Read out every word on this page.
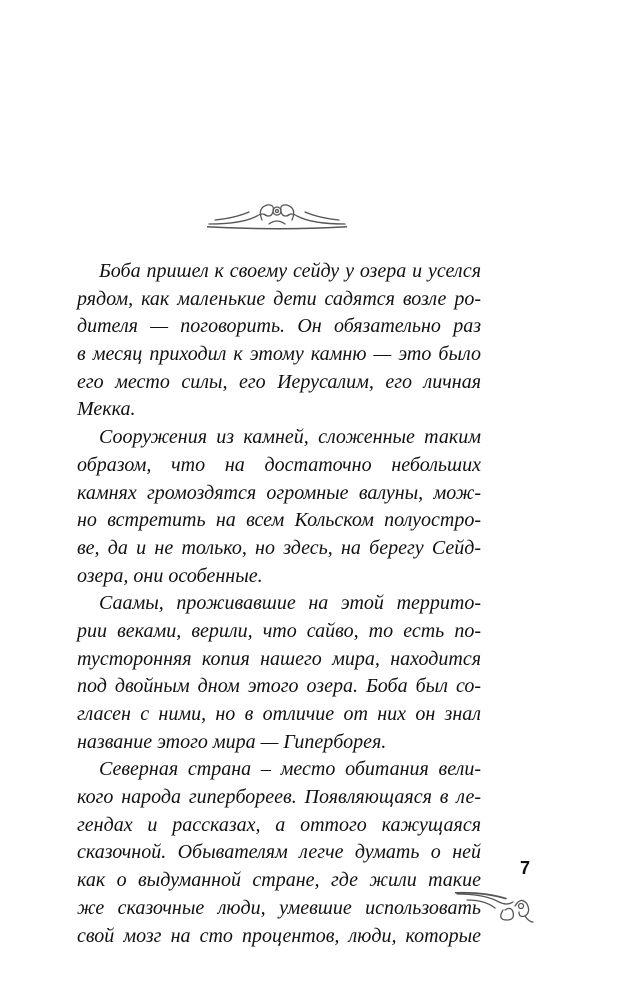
Боба пришел к своему сейду у озера и уселся
рядом, как маленькие дети садятся возле ро-
дителя — поговорить. Он обязательно раз
в месяц приходил к этому камню — это было
его место силы, его Иерусалим, его личная
Мекка.
Сооружения из камней, сложенные таким
образом, что на достаточно небольших
камнях громоздятся огромные валуны, мож-
но встретить на всем Кольском полуостро-
ве, да и не только, но здесь, на берегу Сейд-
озера, они особенные.
Саамы, проживавшие на этой террито-
рии веками, верили, что сайво, то есть по-
тусторонняя копия нашего мира, находится
под двойным дном этого озера. Боба был со-
гласен с ними, но в отличие от них он знал
название этого мира — Гиперборея.
Северная страна – место обитания вели-
кого народа гипербореев. Появляющаяся в ле-
гендах и рассказах, а оттого кажущаяся
сказочной. Обывателям легче думать о ней
как о выдуманной стране, где жили такие
же сказочные люди, умевшие использовать
свой мозг на сто процентов, люди, которые
7
